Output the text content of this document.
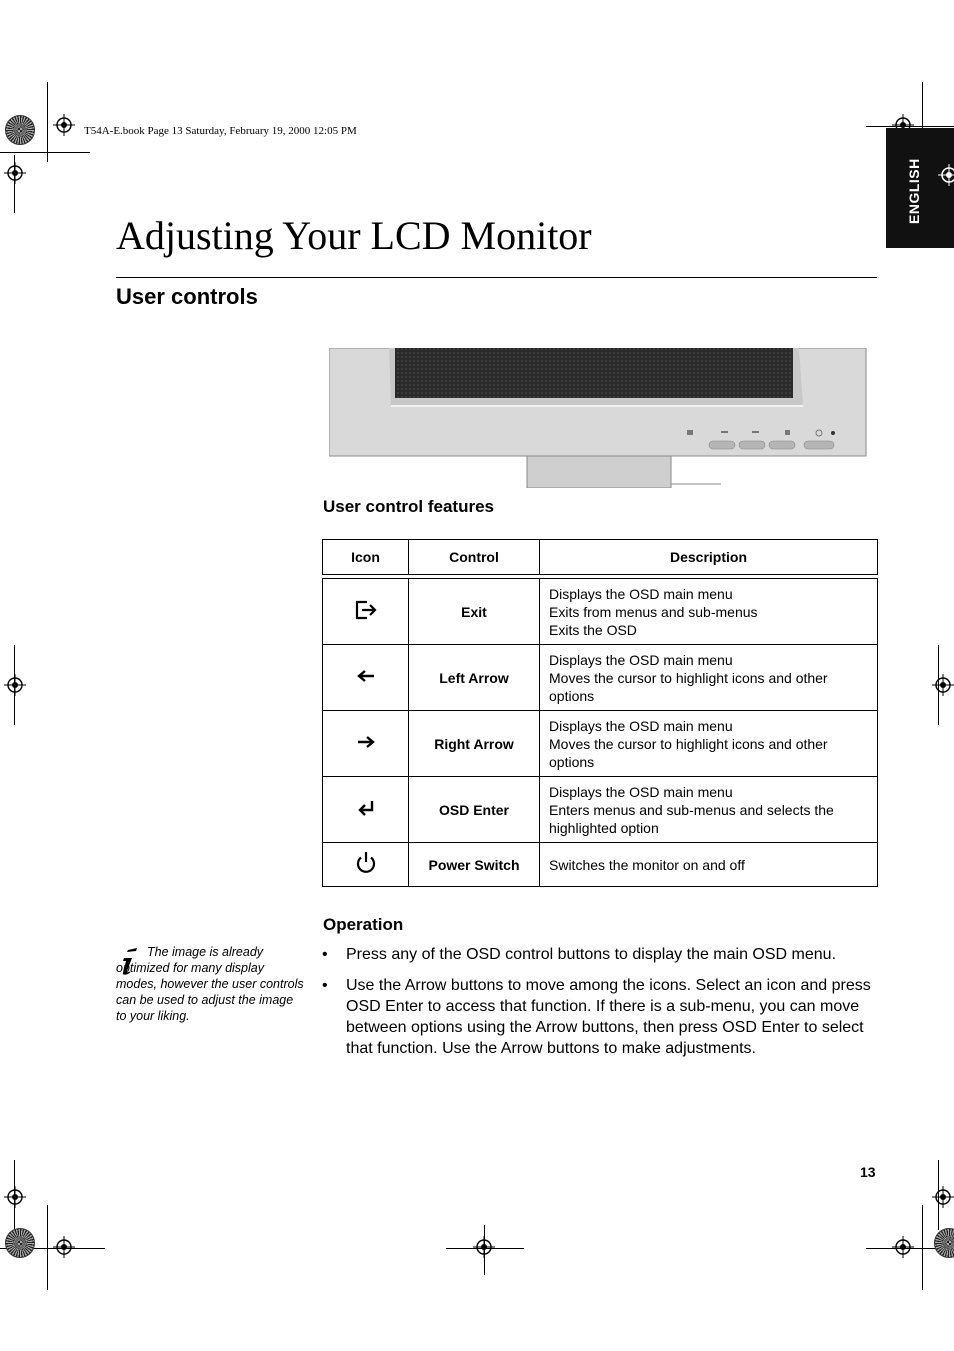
T54A-E.book Page 13 Saturday, February 19, 2000 12:05 PM
ENGLISH
Adjusting Your LCD Monitor
User controls
User control features
Icon	Control	Description

	Exit	Displays the OSD main menu
Exits from menus and sub-menus
Exits the OSD

	Left Arrow	Displays the OSD main menu
Moves the cursor to highlight icons and other options

	Right Arrow	Displays the OSD main menu
Moves the cursor to highlight icons and other options

	OSD Enter	Displays the OSD main menu
Enters menus and sub-menus and selects the highlighted option

	Power Switch	Switches the monitor on and off
Operation
The image is already optimized for many display modes, however the user controls can be used to adjust the image to your liking.
• Press any of the OSD control buttons to display the main OSD menu.
• Use the Arrow buttons to move among the icons. Select an icon and press OSD Enter to access that function. If there is a sub-menu, you can move between options using the Arrow buttons, then press OSD Enter to select that function. Use the Arrow buttons to make adjustments.
13
